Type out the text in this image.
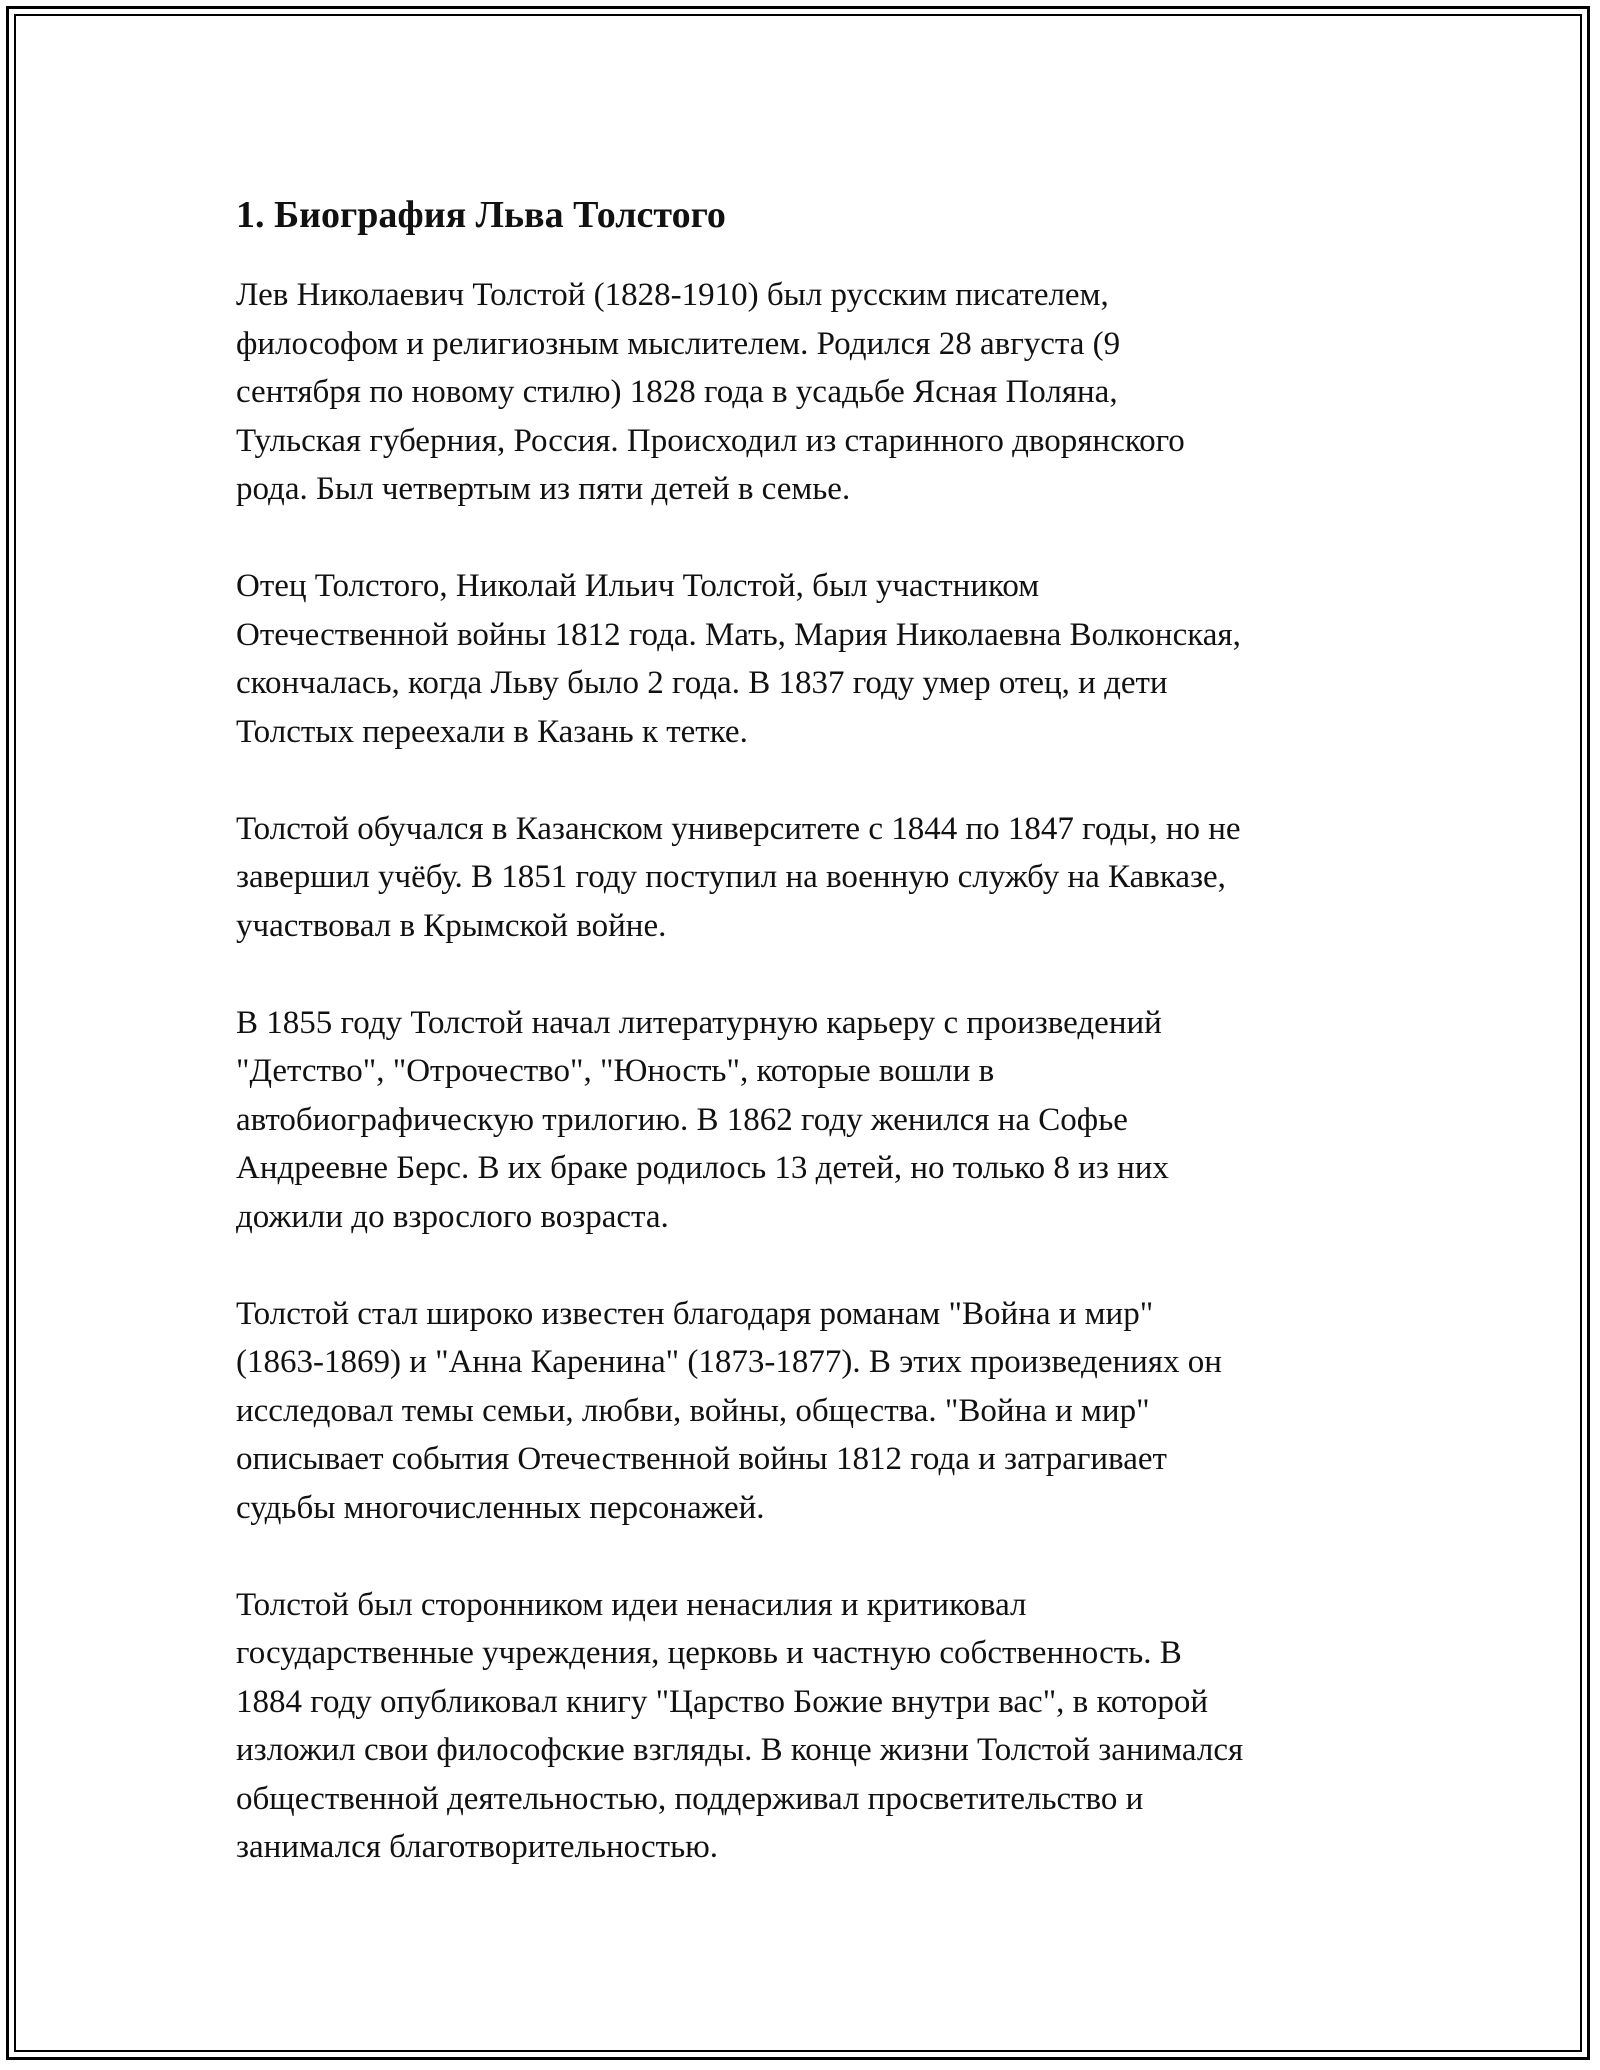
1. Биография Льва Толстого
Лев Николаевич Толстой (1828-1910) был русским писателем,
философом и религиозным мыслителем. Родился 28 августа (9
сентября по новому стилю) 1828 года в усадьбе Ясная Поляна,
Тульская губерния, Россия. Происходил из старинного дворянского
рода. Был четвертым из пяти детей в семье.
Отец Толстого, Николай Ильич Толстой, был участником
Отечественной войны 1812 года. Мать, Мария Николаевна Волконская,
скончалась, когда Льву было 2 года. В 1837 году умер отец, и дети
Толстых переехали в Казань к тетке.
Толстой обучался в Казанском университете с 1844 по 1847 годы, но не
завершил учёбу. В 1851 году поступил на военную службу на Кавказе,
участвовал в Крымской войне.
В 1855 году Толстой начал литературную карьеру с произведений
"Детство", "Отрочество", "Юность", которые вошли в
автобиографическую трилогию. В 1862 году женился на Софье
Андреевне Берс. В их браке родилось 13 детей, но только 8 из них
дожили до взрослого возраста.
Толстой стал широко известен благодаря романам "Война и мир"
(1863-1869) и "Анна Каренина" (1873-1877). В этих произведениях он
исследовал темы семьи, любви, войны, общества. "Война и мир"
описывает события Отечественной войны 1812 года и затрагивает
судьбы многочисленных персонажей.
Толстой был сторонником идеи ненасилия и критиковал
государственные учреждения, церковь и частную собственность. В
1884 году опубликовал книгу "Царство Божие внутри вас", в которой
изложил свои философские взгляды. В конце жизни Толстой занимался
общественной деятельностью, поддерживал просветительство и
занимался благотворительностью.
